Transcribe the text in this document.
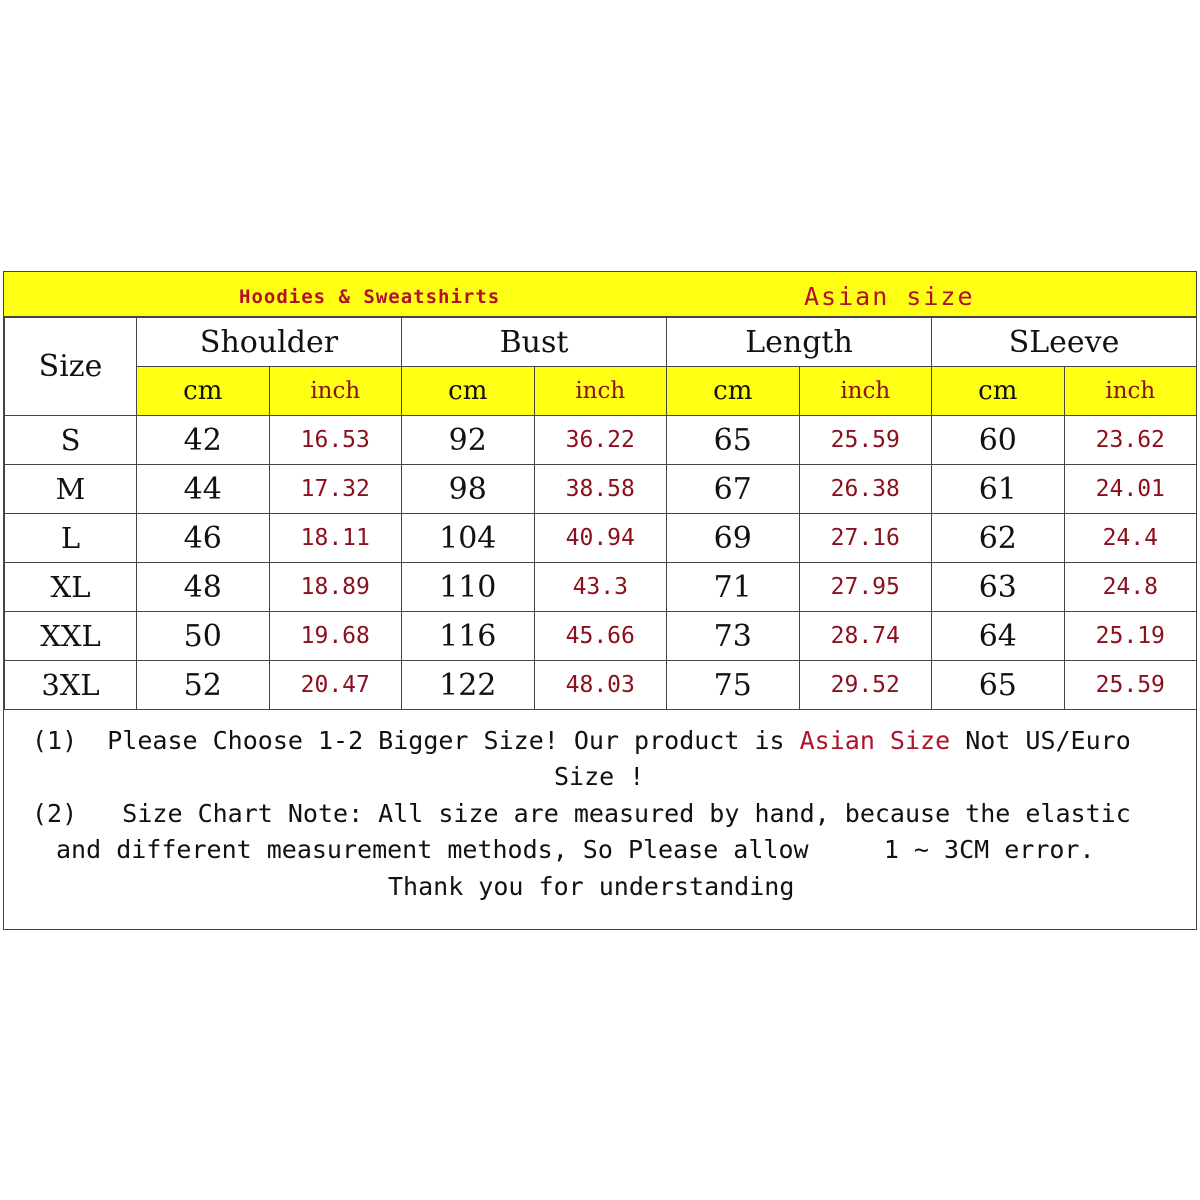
Hoodies & Sweatshirts	Asian size
Size	Shoulder		Bust		Length		SLeeve	
	cm	inch	cm	inch	cm	inch	cm	inch
S	42	16.53	92	36.22	65	25.59	60	23.62
M	44	17.32	98	38.58	67	26.38	61	24.01
L	46	18.11	104	40.94	69	27.16	62	24.4
XL	48	18.89	110	43.3	71	27.95	63	24.8
XXL	50	19.68	116	45.66	73	28.74	64	25.19
3XL	52	20.47	122	48.03	75	29.52	65	25.59
(1)  Please Choose 1-2 Bigger Size! Our product is Asian Size Not US/Euro
Size !
(2)   Size Chart Note: All size are measured by hand, because the elastic
and different measurement methods, So Please allow     1 ~ 3CM error.
Thank you for understanding
